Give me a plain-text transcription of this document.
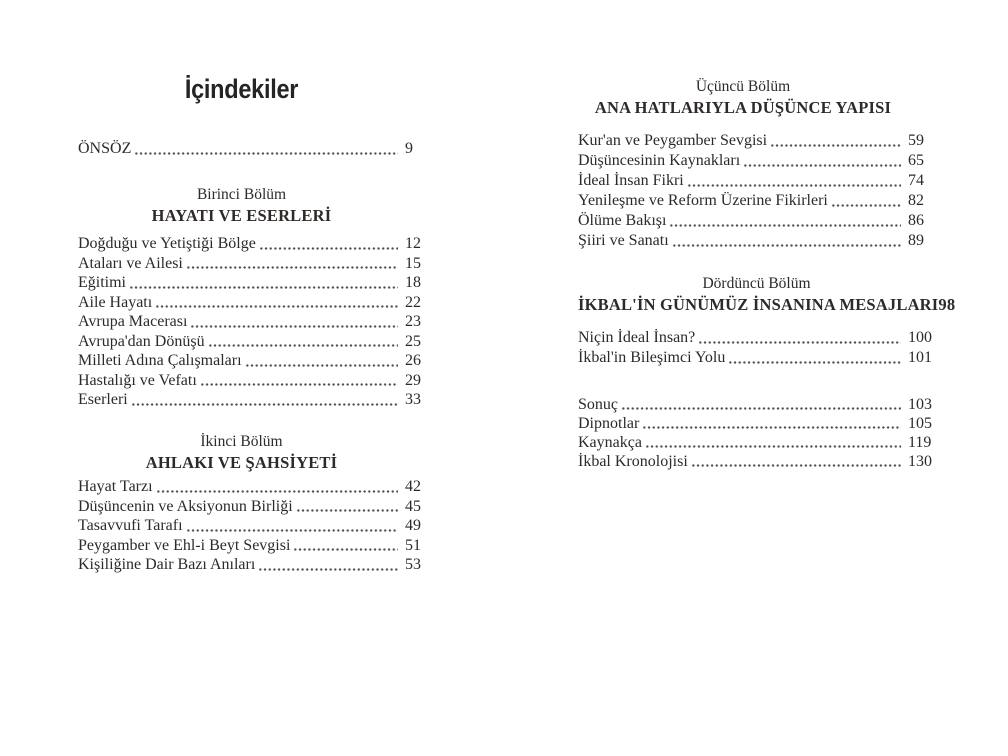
İçindekiler
ÖNSÖZ	9
Birinci Bölüm
HAYATI VE ESERLERİ
Doğduğu ve Yetiştiği Bölge	12
Ataları ve Ailesi	15
Eğitimi	18
Aile Hayatı	22
Avrupa Macerası	23
Avrupa'dan Dönüşü	25
Milleti Adına Çalışmaları	26
Hastalığı ve Vefatı	29
Eserleri	33
İkinci Bölüm
AHLAKI VE ŞAHSİYETİ
Hayat Tarzı	42
Düşüncenin ve Aksiyonun Birliği	45
Tasavvufi Tarafı	49
Peygamber ve Ehl-i Beyt Sevgisi	51
Kişiliğine Dair Bazı Anıları	53
Üçüncü Bölüm
ANA HATLARIYLA DÜŞÜNCE YAPISI
Kur'an ve Peygamber Sevgisi	59
Düşüncesinin Kaynakları	65
İdeal İnsan Fikri	74
Yenileşme ve Reform Üzerine Fikirleri	82
Ölüme Bakışı	86
Şiiri ve Sanatı	89
Dördüncü Bölüm
İKBAL'İN GÜNÜMÜZ İNSANINA MESAJLARI 98
Niçin İdeal İnsan?	100
İkbal'in Bileşimci Yolu	101
Sonuç	103
Dipnotlar	105
Kaynakça	119
İkbal Kronolojisi	130
